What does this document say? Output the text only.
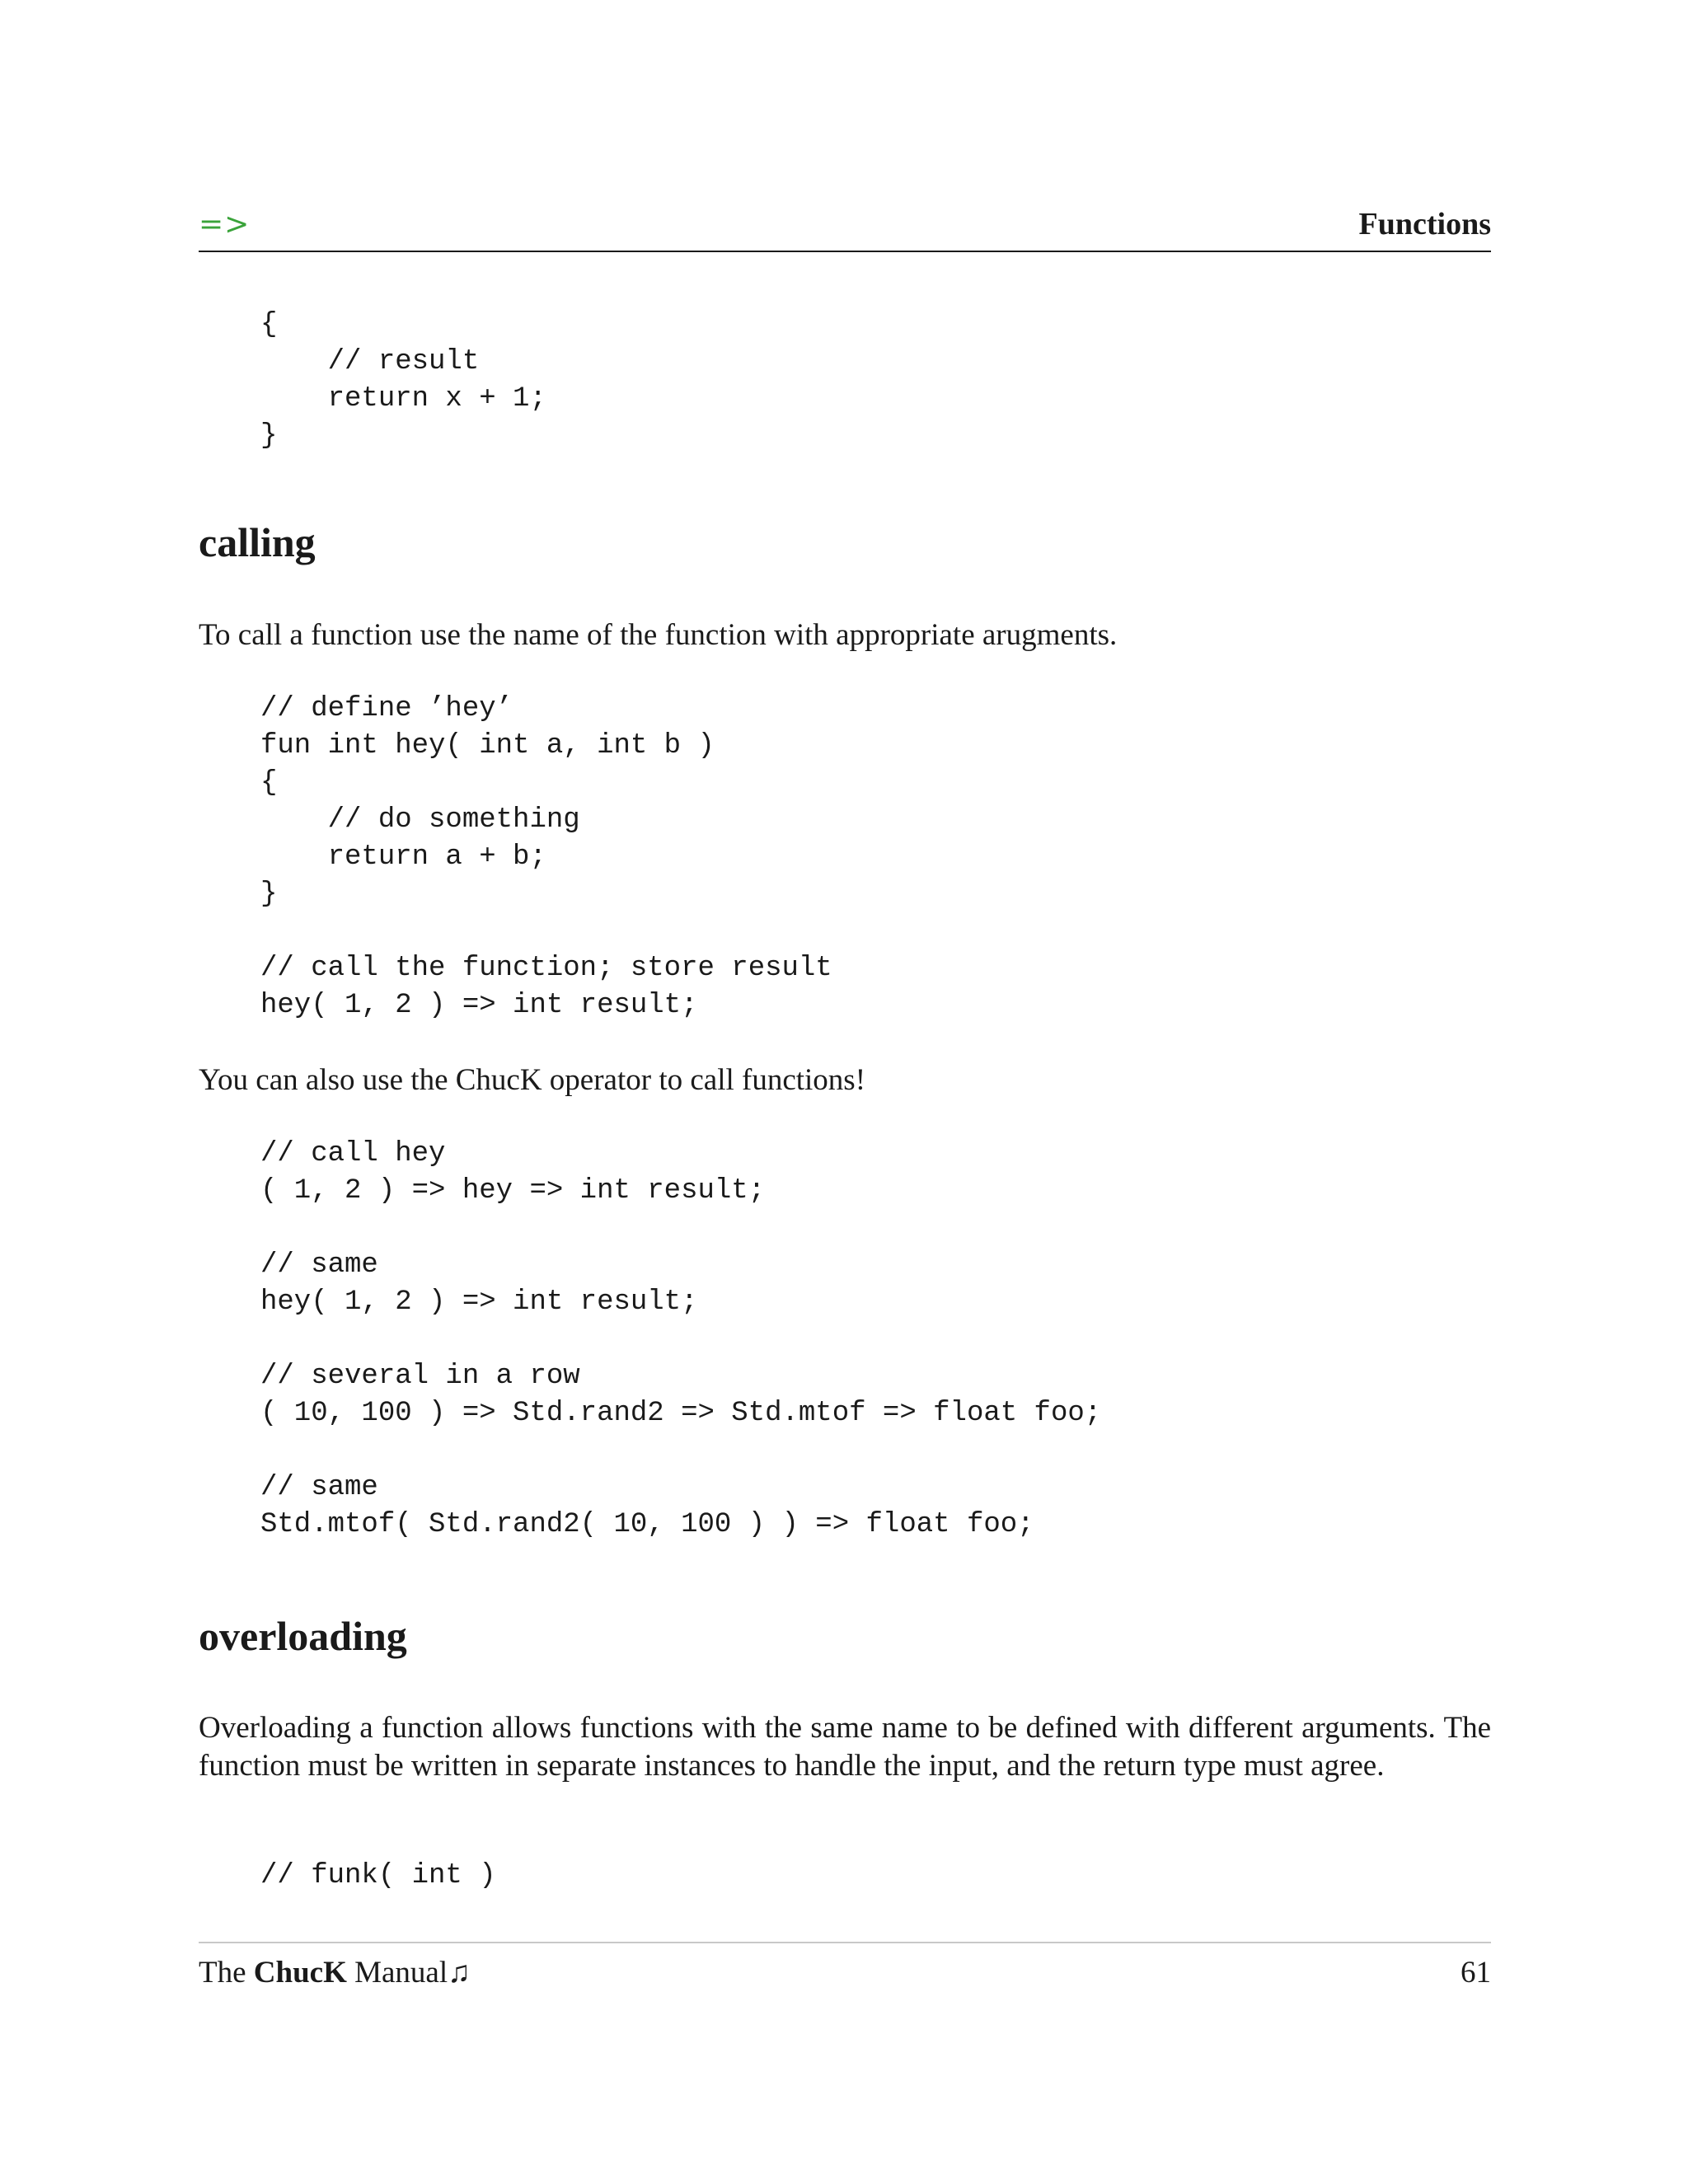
=>	Functions
{
// result
return x + 1;
}
calling

To call a function use the name of the function with appropriate arugments.

// define ’hey’
fun int hey( int a, int b )
{
// do something
return a + b;
}

// call the function; store result
hey( 1, 2 ) => int result;

You can also use the ChucK operator to call functions!

// call hey
( 1, 2 ) => hey => int result;

// same
hey( 1, 2 ) => int result;

// several in a row
( 10, 100 ) => Std.rand2 => Std.mtof => float foo;

// same
Std.mtof( Std.rand2( 10, 100 ) ) => float foo;
overloading

Overloading a function allows functions with the same name to be defined with different arguments. The function must be written in separate instances to handle the input, and the return type must agree.

// funk( int )
The ChucK Manual♫	61
